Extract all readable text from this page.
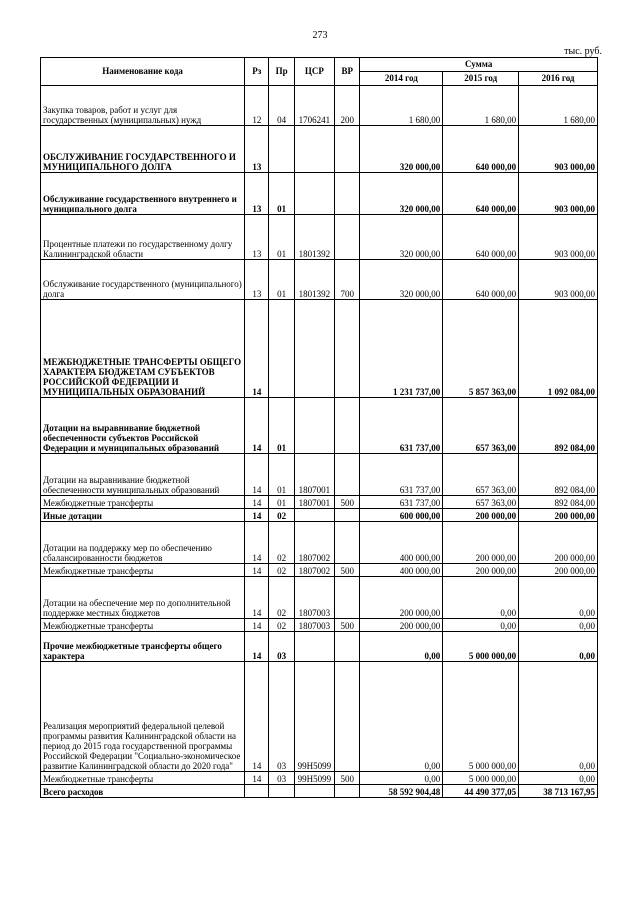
273
тыс. руб.
Наименование кода	Рз	Пр	ЦСР	ВР	Сумма		
					2014 год	2015 год	2016 год
Закупка товаров, работ и услуг для государственных (муниципальных) нужд	12	04	1706241	200	1 680,00	1 680,00	1 680,00
ОБСЛУЖИВАНИЕ ГОСУДАРСТВЕННОГО И МУНИЦИПАЛЬНОГО ДОЛГА	13				320 000,00	640 000,00	903 000,00
Обслуживание государственного внутреннего и муниципального долга	13	01			320 000,00	640 000,00	903 000,00
Процентные платежи по государственному долгу Калининградской области	13	01	1801392		320 000,00	640 000,00	903 000,00
Обслуживание государственного (муниципального) долга	13	01	1801392	700	320 000,00	640 000,00	903 000,00
МЕЖБЮДЖЕТНЫЕ ТРАНСФЕРТЫ ОБЩЕГО ХАРАКТЕРА БЮДЖЕТАМ СУБЪЕКТОВ РОССИЙСКОЙ ФЕДЕРАЦИИ И МУНИЦИПАЛЬНЫХ ОБРАЗОВАНИЙ	14				1 231 737,00	5 857 363,00	1 092 084,00
Дотации на выравнивание бюджетной обеспеченности субъектов Российской Федерации и муниципальных образований	14	01			631 737,00	657 363,00	892 084,00
Дотации на выравнивание бюджетной обеспеченности муниципальных образований	14	01	1807001		631 737,00	657 363,00	892 084,00
Межбюджетные трансферты	14	01	1807001	500	631 737,00	657 363,00	892 084,00
Иные дотации	14	02			600 000,00	200 000,00	200 000,00
Дотации на поддержку мер по обеспечению сбалансированности бюджетов	14	02	1807002		400 000,00	200 000,00	200 000,00
Межбюджетные трансферты	14	02	1807002	500	400 000,00	200 000,00	200 000,00
Дотации на обеспечение мер по дополнительной поддержке местных бюджетов	14	02	1807003		200 000,00	0,00	0,00
Межбюджетные трансферты	14	02	1807003	500	200 000,00	0,00	0,00
Прочие межбюджетные трансферты общего характера	14	03			0,00	5 000 000,00	0,00
Реализация мероприятий федеральной целевой программы развития Калининградской области на период до 2015 года государственной программы Российской Федерации "Социально-экономическое развитие Калининградской области до 2020 года"	14	03	99Н5099		0,00	5 000 000,00	0,00
Межбюджетные трансферты	14	03	99Н5099	500	0,00	5 000 000,00	0,00
Всего расходов					58 592 904,48	44 490 377,05	38 713 167,95
